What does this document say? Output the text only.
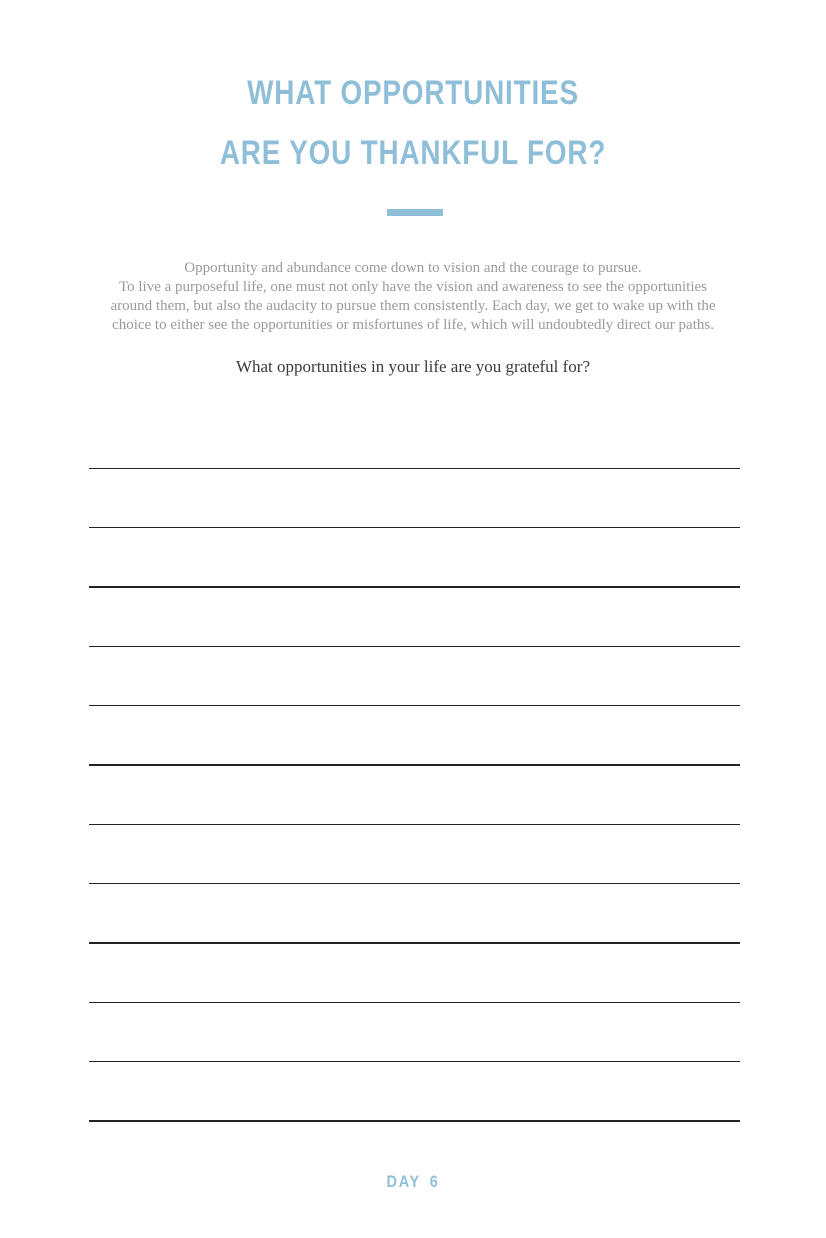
WHAT OPPORTUNITIES
ARE YOU THANKFUL FOR?
Opportunity and abundance come down to vision and the courage to pursue.
To live a purposeful life, one must not only have the vision and awareness to see the opportunities
around them, but also the audacity to pursue them consistently. Each day, we get to wake up with the
choice to either see the opportunities or misfortunes of life, which will undoubtedly direct our paths.
What opportunities in your life are you grateful for?
DAY 6
